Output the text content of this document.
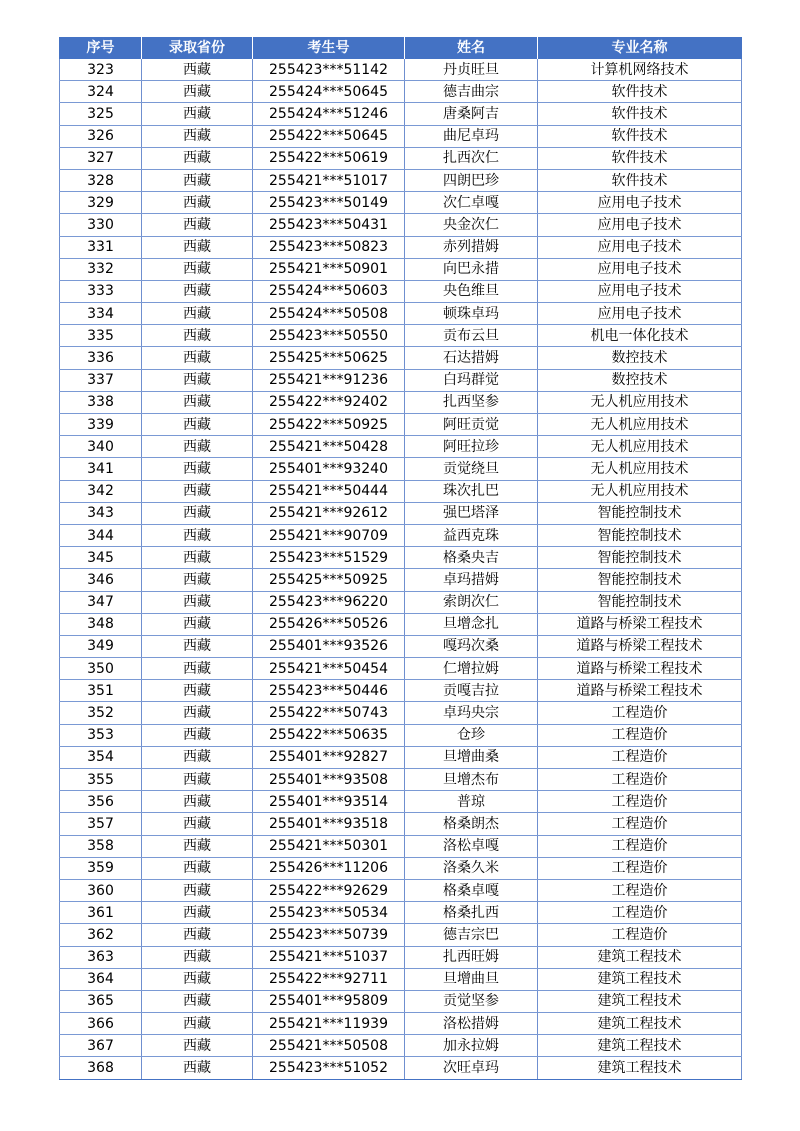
序号	录取省份	考生号	姓名	专业名称
323	西藏	255423***51142	丹贞旺旦	计算机网络技术
324	西藏	255424***50645	德吉曲宗	软件技术
325	西藏	255424***51246	唐桑阿吉	软件技术
326	西藏	255422***50645	曲尼卓玛	软件技术
327	西藏	255422***50619	扎西次仁	软件技术
328	西藏	255421***51017	四朗巴珍	软件技术
329	西藏	255423***50149	次仁卓嘎	应用电子技术
330	西藏	255423***50431	央金次仁	应用电子技术
331	西藏	255423***50823	赤列措姆	应用电子技术
332	西藏	255421***50901	向巴永措	应用电子技术
333	西藏	255424***50603	央色维旦	应用电子技术
334	西藏	255424***50508	顿珠卓玛	应用电子技术
335	西藏	255423***50550	贡布云旦	机电一体化技术
336	西藏	255425***50625	石达措姆	数控技术
337	西藏	255421***91236	白玛群觉	数控技术
338	西藏	255422***92402	扎西坚参	无人机应用技术
339	西藏	255422***50925	阿旺贡觉	无人机应用技术
340	西藏	255421***50428	阿旺拉珍	无人机应用技术
341	西藏	255401***93240	贡觉绕旦	无人机应用技术
342	西藏	255421***50444	珠次扎巴	无人机应用技术
343	西藏	255421***92612	强巴塔泽	智能控制技术
344	西藏	255421***90709	益西克珠	智能控制技术
345	西藏	255423***51529	格桑央吉	智能控制技术
346	西藏	255425***50925	卓玛措姆	智能控制技术
347	西藏	255423***96220	索朗次仁	智能控制技术
348	西藏	255426***50526	旦增念扎	道路与桥梁工程技术
349	西藏	255401***93526	嘎玛次桑	道路与桥梁工程技术
350	西藏	255421***50454	仁增拉姆	道路与桥梁工程技术
351	西藏	255423***50446	贡嘎吉拉	道路与桥梁工程技术
352	西藏	255422***50743	卓玛央宗	工程造价
353	西藏	255422***50635	仓珍	工程造价
354	西藏	255401***92827	旦增曲桑	工程造价
355	西藏	255401***93508	旦增杰布	工程造价
356	西藏	255401***93514	普琼	工程造价
357	西藏	255401***93518	格桑朗杰	工程造价
358	西藏	255421***50301	洛松卓嘎	工程造价
359	西藏	255426***11206	洛桑久米	工程造价
360	西藏	255422***92629	格桑卓嘎	工程造价
361	西藏	255423***50534	格桑扎西	工程造价
362	西藏	255423***50739	德吉宗巴	工程造价
363	西藏	255421***51037	扎西旺姆	建筑工程技术
364	西藏	255422***92711	旦增曲旦	建筑工程技术
365	西藏	255401***95809	贡觉坚参	建筑工程技术
366	西藏	255421***11939	洛松措姆	建筑工程技术
367	西藏	255421***50508	加永拉姆	建筑工程技术
368	西藏	255423***51052	次旺卓玛	建筑工程技术
